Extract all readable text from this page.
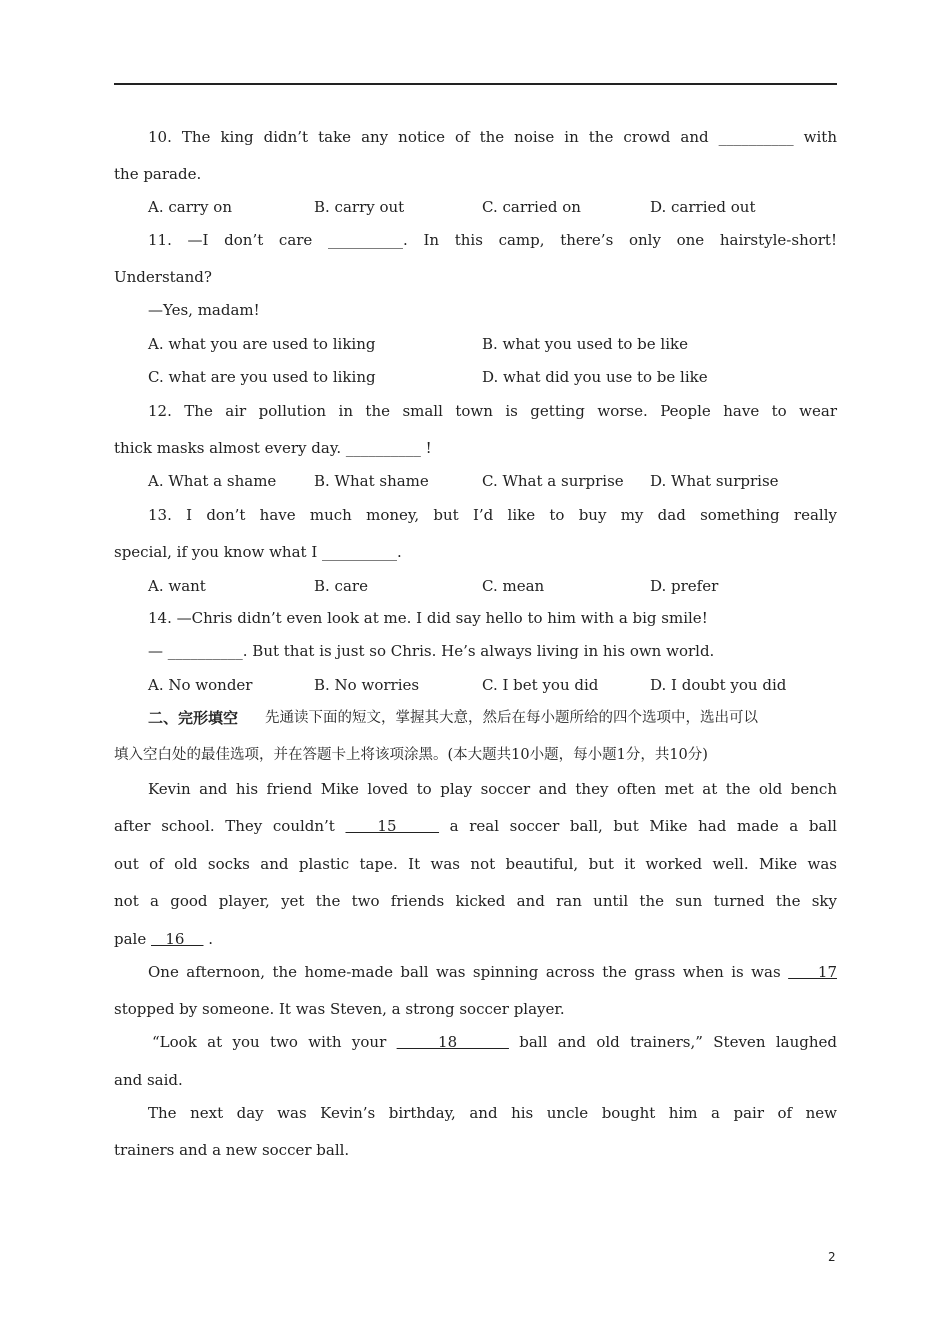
10. The king didn’t take any notice of the noise in the crowd and __________ with
the parade.
A. carry on	B. carry out	C. carried on	D. carried out
11. —I don’t care __________. In this camp, there’s only one hairstyle-short!
Understand?
—Yes, madam!
A. what you are used to liking	B. what you used to be like
C. what are you used to liking	D. what did you use to be like
12. The air pollution in the small town is getting worse. People have to wear
thick masks almost every day. __________ !
A. What a shame	B. What shame	C. What a surprise D. What surprise
13. I don’t have much money, but I’d like to buy my dad something really
special, if you know what I __________.
A. want	B. care	C. mean	D. prefer
14. —Chris didn’t even look at me. I did say hello to him with a big smile!
— __________. But that is just so Chris. He’s always living in his own world.
A. No wonder	B. No worries	C. I bet you did	D. I doubt you did
二、完形填空 先通读下面的短文，掌握其大意，然后在每小题所给的四个选项中，选出可以
填入空白处的最佳选项，并在答题卡上将该项涂黑。(本大题共10小题，每小题1分，共10分)
Kevin and his friend Mike loved to play soccer and they often met at the old bench
after school. They couldn’t    15     a real soccer ball, but Mike had made a ball
out of old socks and plastic tape. It was not beautiful, but it worked well. Mike was
not a good player, yet the two friends kicked and ran until the sun turned the sky
pale    16     .
One afternoon, the home-made ball was spinning across the grass when is was     17
stopped by someone. It was Steven, a strong soccer player.
“Look at you two with your     18      ball and old trainers,” Steven laughed
and said.
The next day was Kevin’s birthday, and his uncle bought him a pair of new
trainers and a new soccer ball.
2
